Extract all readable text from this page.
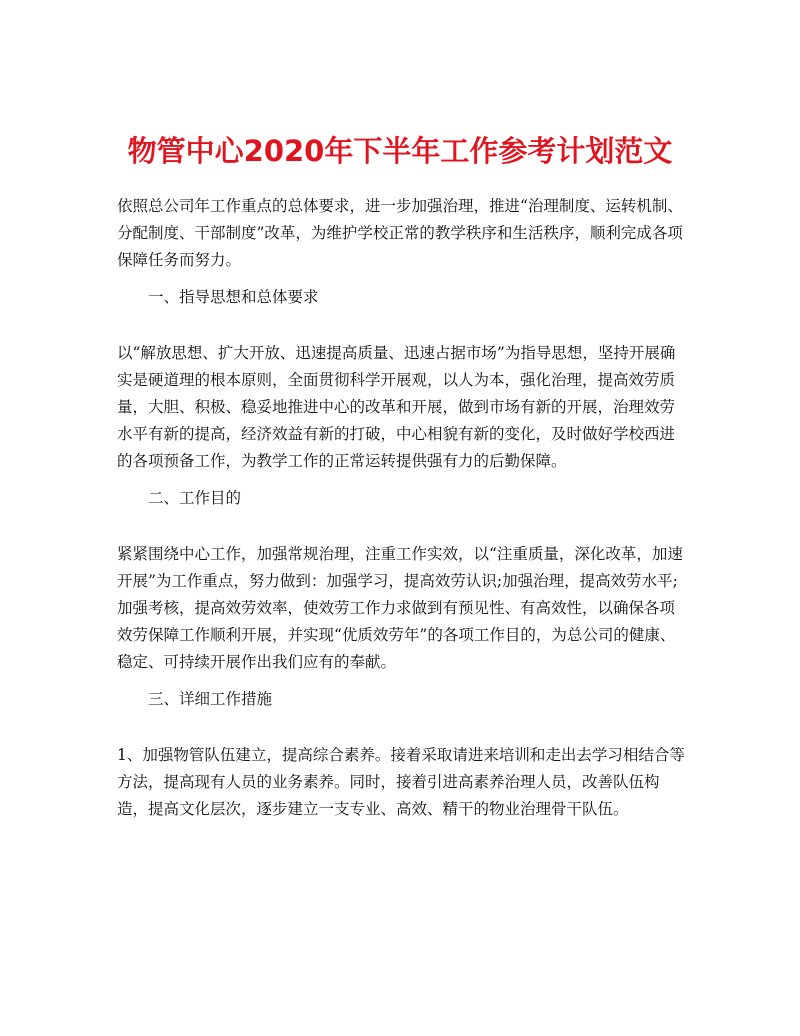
物管中心2020年下半年工作参考计划范文

依照总公司年工作重点的总体要求，进一步加强治理，推进“治理制度、运转机制、分配制度、干部制度”改革，为维护学校正常的教学秩序和生活秩序，顺利完成各项保障任务而努力。

一、指导思想和总体要求

以“解放思想、扩大开放、迅速提高质量、迅速占据市场”为指导思想，坚持开展确实是硬道理的根本原则，全面贯彻科学开展观，以人为本，强化治理，提高效劳质量，大胆、积极、稳妥地推进中心的改革和开展，做到市场有新的开展，治理效劳水平有新的提高，经济效益有新的打破，中心相貌有新的变化，及时做好学校西进的各项预备工作，为教学工作的正常运转提供强有力的后勤保障。

二、工作目的

紧紧围绕中心工作，加强常规治理，注重工作实效，以“注重质量，深化改革，加速开展”为工作重点，努力做到：加强学习，提高效劳认识;加强治理，提高效劳水平;加强考核，提高效劳效率，使效劳工作力求做到有预见性、有高效性，以确保各项效劳保障工作顺利开展，并实现“优质效劳年”的各项工作目的，为总公司的健康、稳定、可持续开展作出我们应有的奉献。

三、详细工作措施

1、加强物管队伍建立，提高综合素养。接着采取请进来培训和走出去学习相结合等方法，提高现有人员的业务素养。同时，接着引进高素养治理人员，改善队伍构造，提高文化层次，逐步建立一支专业、高效、精干的物业治理骨干队伍。
